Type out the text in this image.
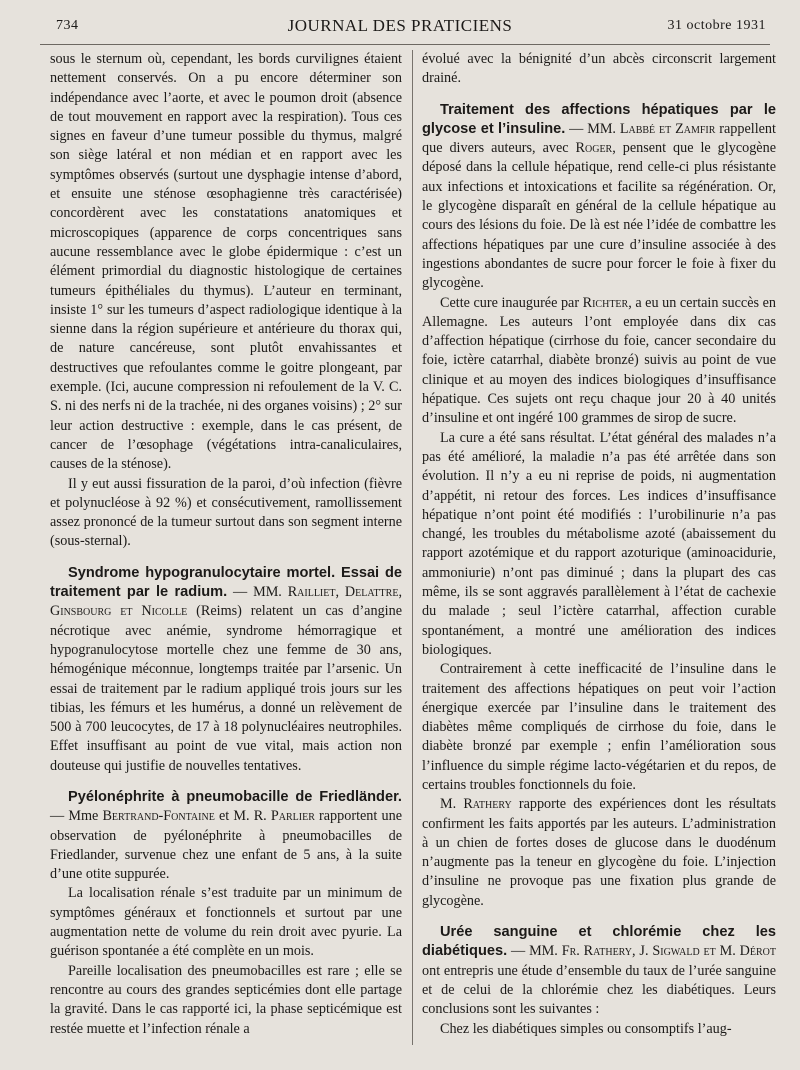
734	JOURNAL DES PRATICIENS	31 octobre 1931

sous le sternum où, cependant, les bords curvilignes étaient nettement conservés. On a pu encore déterminer son indépendance avec l’aorte, et avec le poumon droit (absence de tout mouvement en rapport avec la respiration). Tous ces signes en faveur d’une tumeur possible du thymus, malgré son siège latéral et non médian et en rapport avec les symptômes observés (surtout une dysphagie intense d’abord, et ensuite une sténose œsophagienne très caractérisée) concordèrent avec les constatations anatomiques et microscopiques (apparence de corps concentriques sans aucune ressemblance avec le globe épidermique : c’est un élément primordial du diagnostic histologique de certaines tumeurs épithéliales du thymus). L’auteur en terminant, insiste 1° sur les tumeurs d’aspect radiologique identique à la sienne dans la région supérieure et antérieure du thorax qui, de nature cancéreuse, sont plutôt envahissantes et destructives que refoulantes comme le goitre plongeant, par exemple. (Ici, aucune compression ni refoulement de la V. C. S. ni des nerfs ni de la trachée, ni des organes voisins) ; 2° sur leur action destructive : exemple, dans le cas présent, de cancer de l’œsophage (végétations intra-canaliculaires, causes de la sténose).

Il y eut aussi fissuration de la paroi, d’où infection (fièvre et polynucléose à 92 %) et consécutivement, ramollissement assez prononcé de la tumeur surtout dans son segment interne (sous-sternal).

Syndrome hypogranulocytaire mortel. Essai de traitement par le radium. — MM. Railliet, Delattre, Ginsbourg et Nicolle (Reims) relatent un cas d’angine nécrotique avec anémie, syndrome hémorragique et hypogranulocytose mortelle chez une femme de 30 ans, hémogénique méconnue, longtemps traitée par l’arsenic. Un essai de traitement par le radium appliqué trois jours sur les tibias, les fémurs et les humérus, a donné un relèvement de 500 à 700 leucocytes, de 17 à 18 polynucléaires neutrophiles. Effet insuffisant au point de vue vital, mais action non douteuse qui justifie de nouvelles tentatives.

Pyélonéphrite à pneumobacille de Friedländer. — Mme Bertrand-Fontaine et M. R. Parlier rapportent une observation de pyélonéphrite à pneumobacilles de Friedlander, survenue chez une enfant de 5 ans, à la suite d’une otite suppurée.

La localisation rénale s’est traduite par un minimum de symptômes généraux et fonctionnels et surtout par une augmentation nette de volume du rein droit avec pyurie. La guérison spontanée a été complète en un mois.

Pareille localisation des pneumobacilles est rare ; elle se rencontre au cours des grandes septicémies dont elle partage la gravité. Dans le cas rapporté ici, la phase septicémique est restée muette et l’infection rénale a

évolué avec la bénignité d’un abcès circonscrit largement drainé.

Traitement des affections hépatiques par le glycose et l’insuline. — MM. Labbé et Zamfir rappellent que divers auteurs, avec Roger, pensent que le glycogène déposé dans la cellule hépatique, rend celle-ci plus résistante aux infections et intoxications et facilite sa régénération. Or, le glycogène disparaît en général de la cellule hépatique au cours des lésions du foie. De là est née l’idée de combattre les affections hépatiques par une cure d’insuline associée à des ingestions abondantes de sucre pour forcer le foie à fixer du glycogène.

Cette cure inaugurée par Richter, a eu un certain succès en Allemagne. Les auteurs l’ont employée dans dix cas d’affection hépatique (cirrhose du foie, cancer secondaire du foie, ictère catarrhal, diabète bronzé) suivis au point de vue clinique et au moyen des indices biologiques d’insuffisance hépatique. Ces sujets ont reçu chaque jour 20 à 40 unités d’insuline et ont ingéré 100 grammes de sirop de sucre.

La cure a été sans résultat. L’état général des malades n’a pas été amélioré, la maladie n’a pas été arrêtée dans son évolution. Il n’y a eu ni reprise de poids, ni augmentation d’appétit, ni retour des forces. Les indices d’insuffisance hépatique n’ont point été modifiés : l’urobilinurie n’a pas changé, les troubles du métabolisme azoté (abaissement du rapport azotémique et du rapport azoturique (aminoacidurie, ammoniurie) n’ont pas diminué ; dans la plupart des cas même, ils se sont aggravés parallèlement à l’état de cachexie du malade ; seul l’ictère catarrhal, affection curable spontanément, a montré une amélioration des indices biologiques.

Contrairement à cette inefficacité de l’insuline dans le traitement des affections hépatiques on peut voir l’action énergique exercée par l’insuline dans le traitement des diabètes même compliqués de cirrhose du foie, dans le diabète bronzé par exemple ; enfin l’amélioration sous l’influence du simple régime lacto-végétarien et du repos, de certains troubles fonctionnels du foie.

M. Rathery rapporte des expériences dont les résultats confirment les faits apportés par les auteurs. L’administration à un chien de fortes doses de glucose dans le duodénum n’augmente pas la teneur en glycogène du foie. L’injection d’insuline ne provoque pas une fixation plus grande de glycogène.

Urée sanguine et chlorémie chez les diabétiques. — MM. Fr. Rathery, J. Sigwald et M. Dérot ont entrepris une étude d’ensemble du taux de l’urée sanguine et de celui de la chlorémie chez les diabétiques. Leurs conclusions sont les suivantes :

Chez les diabétiques simples ou consomptifs l’aug-
